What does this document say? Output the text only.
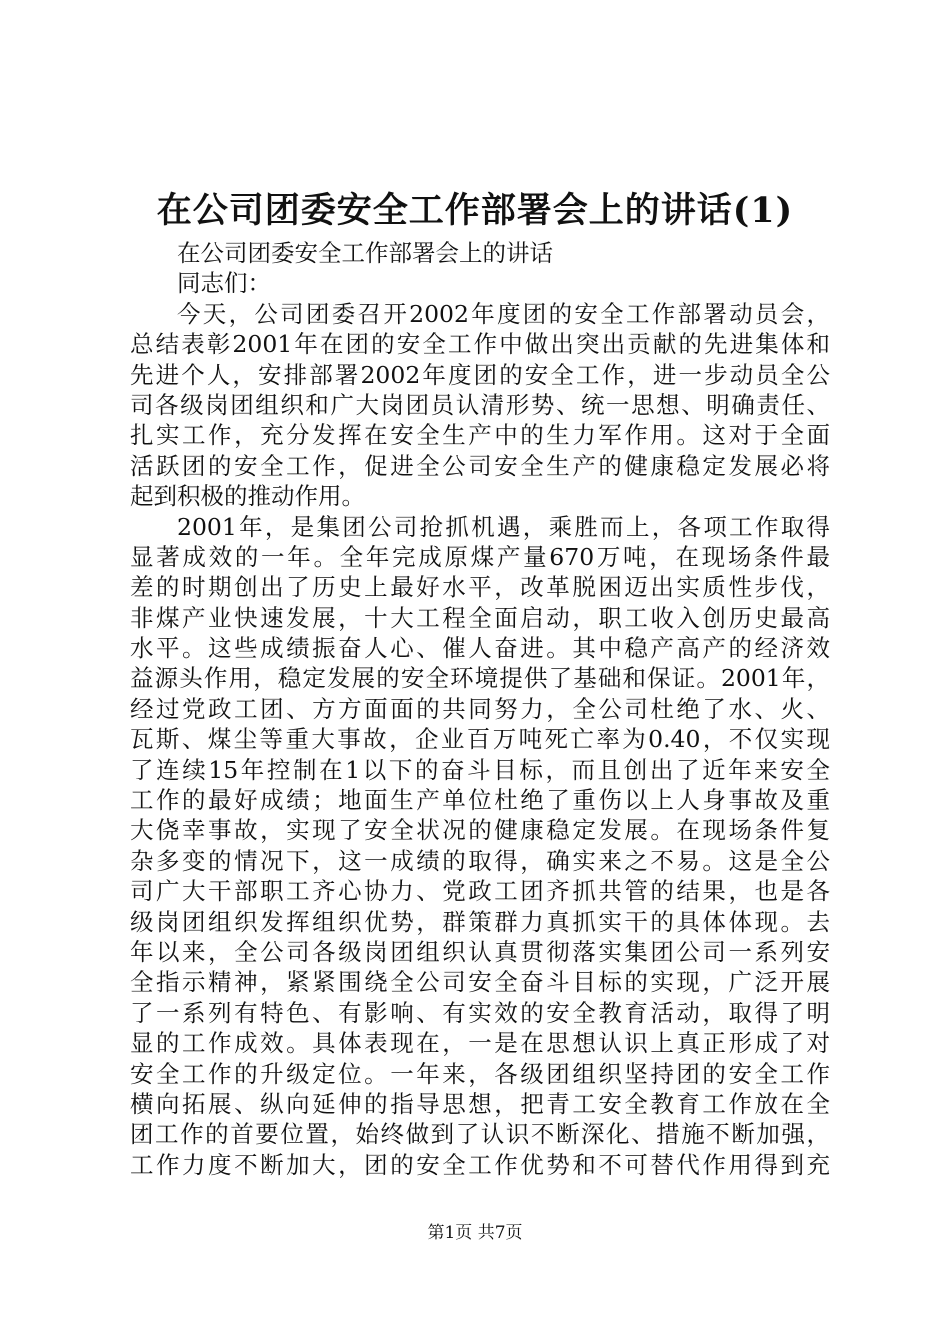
在公司团委安全工作部署会上的讲话(1)
在公司团委安全工作部署会上的讲话
同志们：
今天，公司团委召开2002年度团的安全工作部署动员会，
总结表彰2001年在团的安全工作中做出突出贡献的先进集体和
先进个人，安排部署2002年度团的安全工作，进一步动员全公
司各级岗团组织和广大岗团员认清形势、统一思想、明确责任、
扎实工作，充分发挥在安全生产中的生力军作用。这对于全面
活跃团的安全工作，促进全公司安全生产的健康稳定发展必将
起到积极的推动作用。
2001年，是集团公司抢抓机遇，乘胜而上，各项工作取得
显著成效的一年。全年完成原煤产量670万吨，在现场条件最
差的时期创出了历史上最好水平，改革脱困迈出实质性步伐，
非煤产业快速发展，十大工程全面启动，职工收入创历史最高
水平。这些成绩振奋人心、催人奋进。其中稳产高产的经济效
益源头作用，稳定发展的安全环境提供了基础和保证。2001年，
经过党政工团、方方面面的共同努力，全公司杜绝了水、火、
瓦斯、煤尘等重大事故，企业百万吨死亡率为0.40，不仅实现
了连续15年控制在1以下的奋斗目标，而且创出了近年来安全
工作的最好成绩；地面生产单位杜绝了重伤以上人身事故及重
大侥幸事故，实现了安全状况的健康稳定发展。在现场条件复
杂多变的情况下，这一成绩的取得，确实来之不易。这是全公
司广大干部职工齐心协力、党政工团齐抓共管的结果，也是各
级岗团组织发挥组织优势，群策群力真抓实干的具体体现。去
年以来，全公司各级岗团组织认真贯彻落实集团公司一系列安
全指示精神，紧紧围绕全公司安全奋斗目标的实现，广泛开展
了一系列有特色、有影响、有实效的安全教育活动，取得了明
显的工作成效。具体表现在，一是在思想认识上真正形成了对
安全工作的升级定位。一年来，各级团组织坚持团的安全工作
横向拓展、纵向延伸的指导思想，把青工安全教育工作放在全
团工作的首要位置，始终做到了认识不断深化、措施不断加强，
工作力度不断加大，团的安全工作优势和不可替代作用得到充
第1页 共7页
